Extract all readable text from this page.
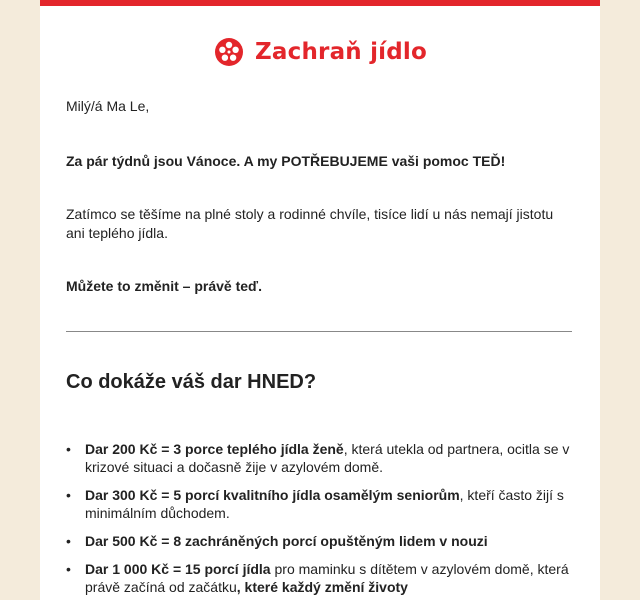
Zachraň jídlo

Milý/á Ma Le,

Za pár týdnů jsou Vánoce. A my POTŘEBUJEME vaši pomoc TEĎ!

Zatímco se těšíme na plné stoly a rodinné chvíle, tisíce lidí u nás nemají jistotu ani teplého jídla.

Můžete to změnit – právě teď.

Co dokáže váš dar HNED?
• Dar 200 Kč = 3 porce teplého jídla ženě, která utekla od partnera, ocitla se v krizové situaci a dočasně žije v azylovém domě.
• Dar 300 Kč = 5 porcí kvalitního jídla osamělým seniorům, kteří často žijí s minimálním důchodem.
• Dar 500 Kč = 8 zachráněných porcí opuštěným lidem v nouzi
• Dar 1 000 Kč = 15 porcí jídla pro maminku s dítětem v azylovém domě, která právě začíná od začátku, které každý změní životy
